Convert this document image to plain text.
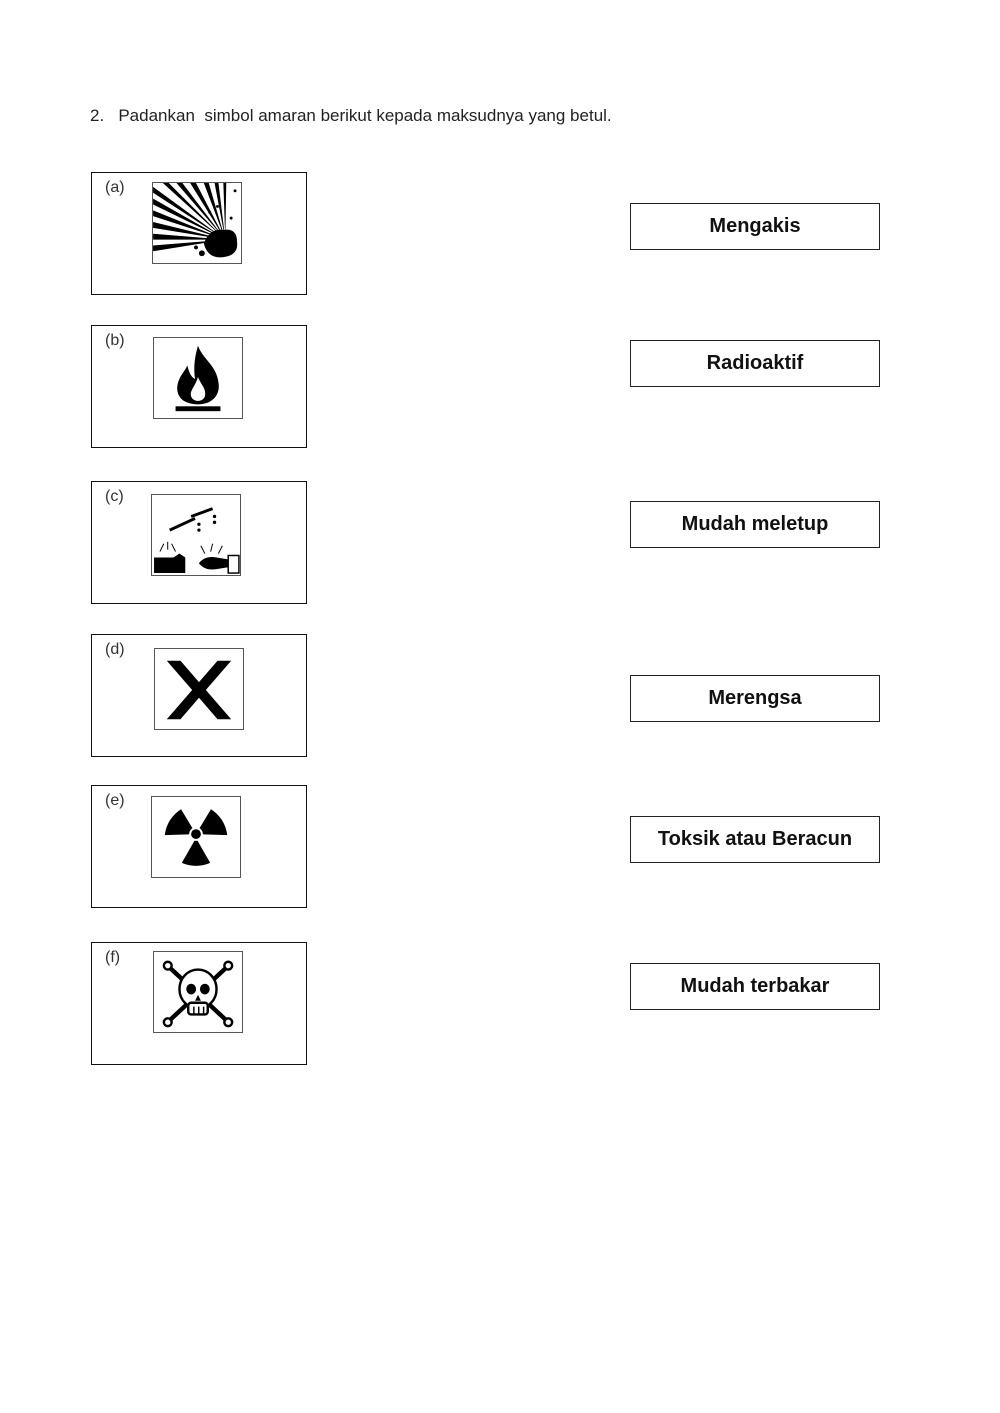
2.   Padankan  simbol amaran berikut kepada maksudnya yang betul.
(a)
(b)
(c)
(d)
(e)
(f)
Mengakis
Radioaktif
Mudah meletup
Merengsa
Toksik atau Beracun
Mudah terbakar
